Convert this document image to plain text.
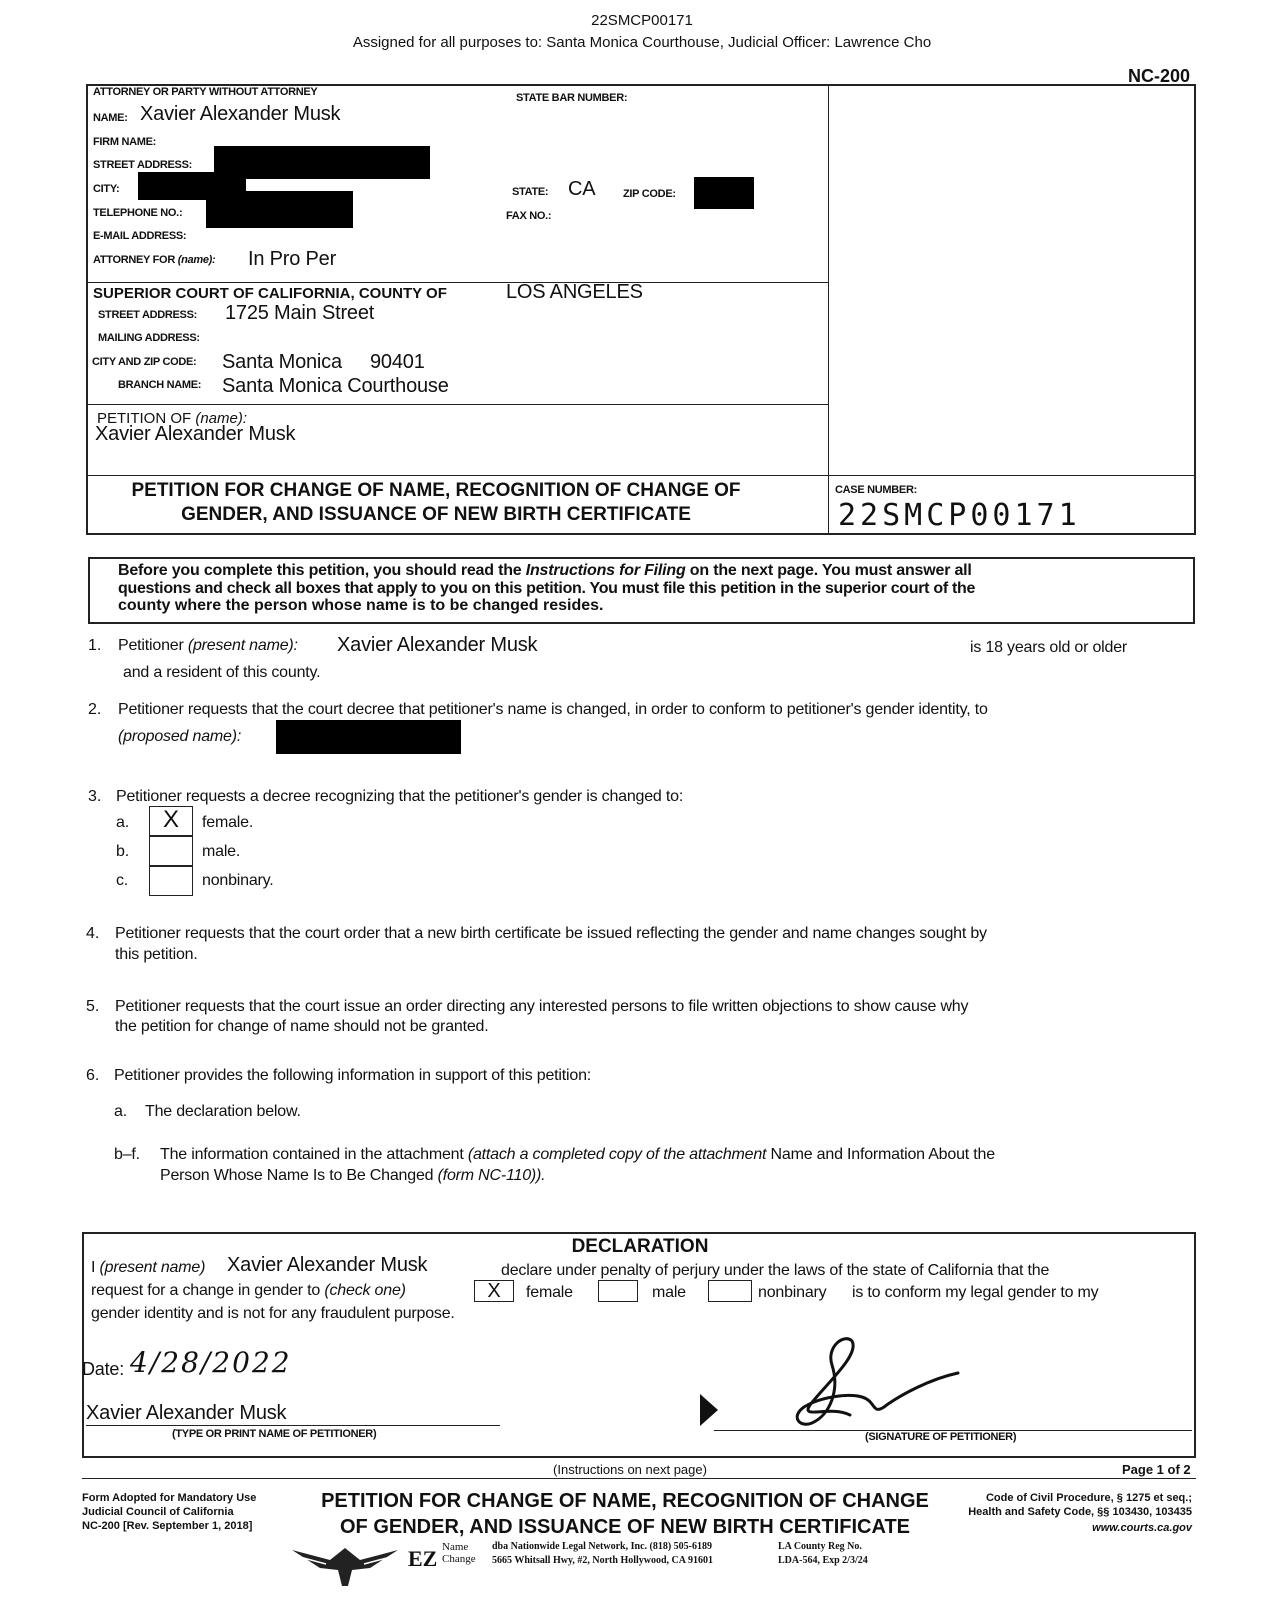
22SMCP00171
Assigned for all purposes to: Santa Monica Courthouse, Judicial Officer: Lawrence Cho
NC-200
ATTORNEY OR PARTY WITHOUT ATTORNEY	STATE BAR NUMBER:
NAME: Xavier Alexander Musk
FIRM NAME:
STREET ADDRESS:
CITY:	STATE: CA	ZIP CODE:
TELEPHONE NO.:	FAX NO.:
E-MAIL ADDRESS:
ATTORNEY FOR (name): In Pro Per
SUPERIOR COURT OF CALIFORNIA, COUNTY OF	LOS ANGELES
STREET ADDRESS: 1725 Main Street
MAILING ADDRESS:
CITY AND ZIP CODE: Santa Monica 90401
BRANCH NAME: Santa Monica Courthouse
PETITION OF (name):
Xavier Alexander Musk
PETITION FOR CHANGE OF NAME, RECOGNITION OF CHANGE OF
GENDER, AND ISSUANCE OF NEW BIRTH CERTIFICATE
CASE NUMBER:
22SMCP00171
Before you complete this petition, you should read the Instructions for Filing on the next page. You must answer all
questions and check all boxes that apply to you on this petition. You must file this petition in the superior court of the
county where the person whose name is to be changed resides.
1. Petitioner (present name): Xavier Alexander Musk	is 18 years old or older
and a resident of this county.
2. Petitioner requests that the court decree that petitioner's name is changed, in order to conform to petitioner's gender identity, to
(proposed name):
3. Petitioner requests a decree recognizing that the petitioner's gender is changed to:
a.	X	female.
b.	male.
c.	nonbinary.
4. Petitioner requests that the court order that a new birth certificate be issued reflecting the gender and name changes sought by
this petition.
5. Petitioner requests that the court issue an order directing any interested persons to file written objections to show cause why
the petition for change of name should not be granted.
6. Petitioner provides the following information in support of this petition:
a. The declaration below.
b–f. The information contained in the attachment (attach a completed copy of the attachment Name and Information About the
Person Whose Name Is to Be Changed (form NC-110)).
DECLARATION
I (present name) Xavier Alexander Musk	declare under penalty of perjury under the laws of the state of California that the
request for a change in gender to (check one)	X	female	male	nonbinary is to conform my legal gender to my
gender identity and is not for any fraudulent purpose.
Date: 4/28/2022
Xavier Alexander Musk
(TYPE OR PRINT NAME OF PETITIONER)	(SIGNATURE OF PETITIONER)
(Instructions on next page)	Page 1 of 2
Form Adopted for Mandatory Use
Judicial Council of California
NC-200 [Rev. September 1, 2018]
PETITION FOR CHANGE OF NAME, RECOGNITION OF CHANGE
OF GENDER, AND ISSUANCE OF NEW BIRTH CERTIFICATE
Code of Civil Procedure, § 1275 et seq.;
Health and Safety Code, §§ 103430, 103435
www.courts.ca.gov
EZ Name
Change
dba Nationwide Legal Network, Inc. (818) 505-6189
5665 Whitsall Hwy, #2, North Hollywood, CA 91601
LA County Reg No.
LDA-564, Exp 2/3/24
